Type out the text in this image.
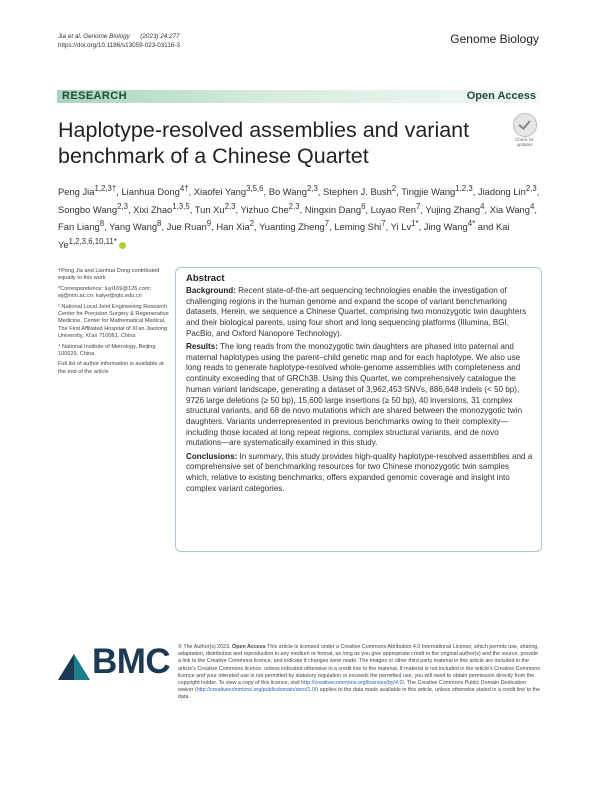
Jia et al. Genome Biology (2023) 24:277
https://doi.org/10.1186/s13059-023-03116-3	Genome Biology
RESEARCH	Open Access
Haplotype-resolved assemblies and variant benchmark of a Chinese Quartet
Check for updates
Peng Jia$^{1,2,3\dagger}$, Lianhua Dong$^{4\dagger}$, Xiaofei Yang$^{3,5,6}$, Bo Wang$^{2,3}$, Stephen J. Bush$^2$, Tingjie Wang$^{1,2,3}$, Jiadong Lin$^{2,3}$, Songbo Wang$^{2,3}$, Xixi Zhao$^{1,3,5}$, Tun Xu$^{2,3}$, Yizhuo Che$^{2,3}$, Ningxin Dang$^6$, Luyao Ren$^7$, Yujing Zhang$^4$, Xia Wang$^4$, Fan Liang$^8$, Yang Wang$^8$, Jue Ruan$^9$, Han Xia$^2$, Yuanting Zheng$^7$, Leming Shi$^7$, Yi $Lv^{1*}$, Jing Wang$^{4*}$ and Kai $Ye^{1,2,3,6,10,11*}$

†Peng Jia and Lianhua Dong contributed equally to this work

*Correspondence: luyi169@126.com; wj@nim.ac.cn; kaiye@xjtu.edu.cn

¹ National Local Joint Engineering Research Center for Precision Surgery & Regenerative Medicine, Center for Mathematical Medical, The First Affiliated Hospital of Xi'an Jiaotong University, Xi'an 710061, China

⁴ National Institute of Metrology, Beijing 100029, China

Full list of author information is available at the end of the article

Abstract

Background: Recent state-of-the-art sequencing technologies enable the investigation of challenging regions in the human genome and expand the scope of variant benchmarking datasets. Herein, we sequence a Chinese Quartet, comprising two monozygotic twin daughters and their biological parents, using four short and long sequencing platforms (Illumina, BGI, PacBio, and Oxford Nanopore Technology).

Results: The long reads from the monozygotic twin daughters are phased into paternal and maternal haplotypes using the parent–child genetic map and for each haplotype. We also use long reads to generate haplotype-resolved whole-genome assemblies with completeness and continuity exceeding that of GRCh38. Using this Quartet, we comprehensively catalogue the human variant landscape, generating a dataset of 3,962,453 SNVs, 886,648 indels (< 50 bp), 9726 large deletions (≥ 50 bp), 15,600 large insertions (≥ 50 bp), 40 inversions, 31 complex structural variants, and 68 de novo mutations which are shared between the monozygotic twin daughters. Variants underrepresented in previous benchmarks owing to their complexity—including those located at long repeat regions, complex structural variants, and de novo mutations—are systematically examined in this study.

Conclusions: In summary, this study provides high-quality haplotype-resolved assemblies and a comprehensive set of benchmarking resources for two Chinese monozygotic twin samples which, relative to existing benchmarks, offers expanded genomic coverage and insight into complex variant categories.

BMC © The Author(s) 2023. Open Access This article is licensed under a Creative Commons Attribution 4.0 International License, which permits use, sharing, adaptation, distribution and reproduction in any medium or format, as long as you give appropriate credit to the original author(s) and the source, provide a link to the Creative Commons licence, and indicate if changes were made. The images or other third party material in this article are included in the article's Creative Commons licence, unless indicated otherwise in a credit line to the material. If material is not included in the article's Creative Commons licence and your intended use is not permitted by statutory regulation or exceeds the permitted use, you will need to obtain permission directly from the copyright holder. To view a copy of this licence, visit http://creativecommons.org/licenses/by/4.0/. The Creative Commons Public Domain Dedication waiver (http://creativecommons.org/publicdomain/zero/1.0/) applies to the data made available in this article, unless otherwise stated in a credit line to the data.
